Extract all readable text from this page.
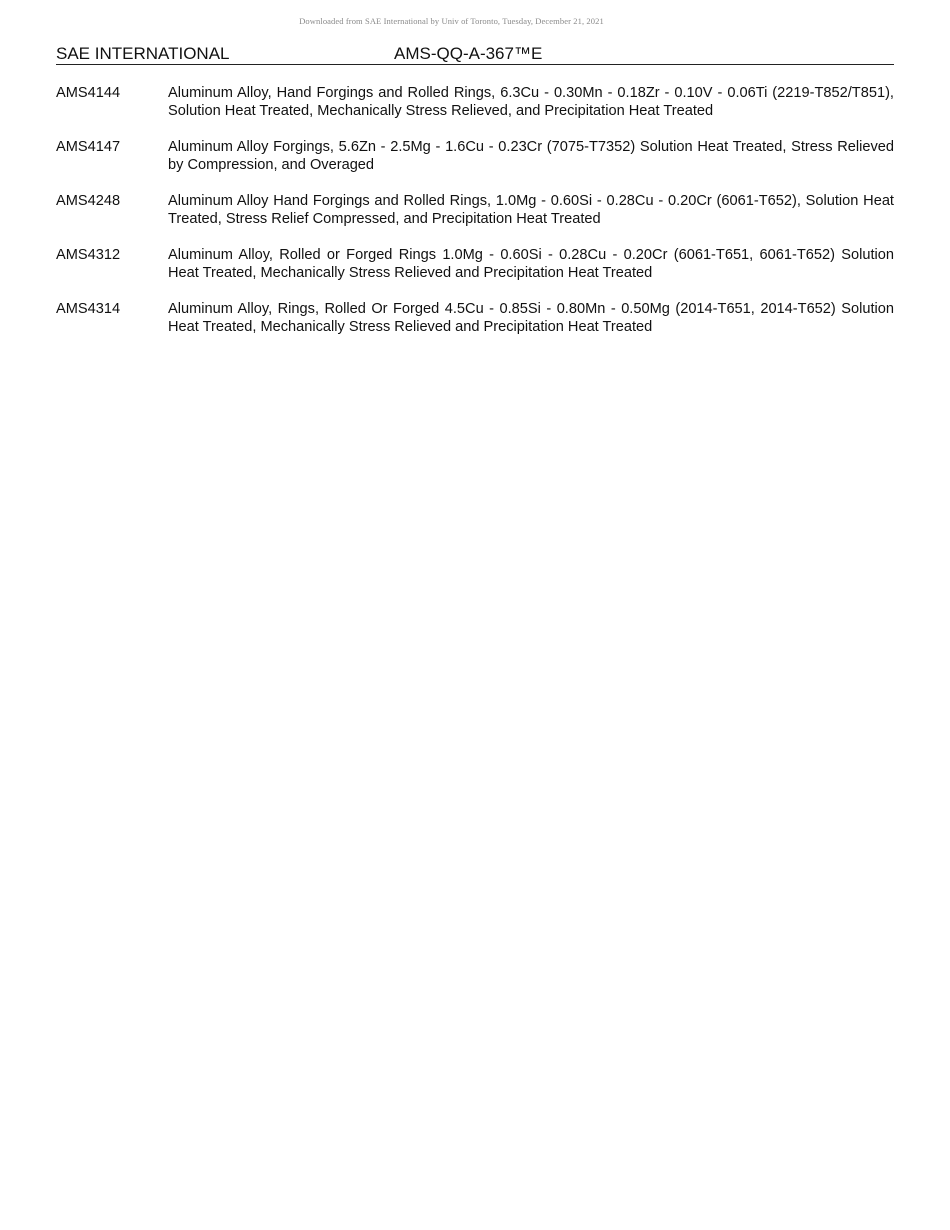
Downloaded from SAE International by Univ of Toronto, Tuesday, December 21, 2021
SAE INTERNATIONAL	AMS-QQ-A-367™E
AMS4144	Aluminum Alloy, Hand Forgings and Rolled Rings, 6.3Cu - 0.30Mn - 0.18Zr - 0.10V - 0.06Ti (2219-T852/T851), Solution Heat Treated, Mechanically Stress Relieved, and Precipitation Heat Treated
AMS4147	Aluminum Alloy Forgings, 5.6Zn - 2.5Mg - 1.6Cu - 0.23Cr (7075-T7352) Solution Heat Treated, Stress Relieved by Compression, and Overaged
AMS4248	Aluminum Alloy Hand Forgings and Rolled Rings, 1.0Mg - 0.60Si - 0.28Cu - 0.20Cr (6061-T652), Solution Heat Treated, Stress Relief Compressed, and Precipitation Heat Treated
AMS4312	Aluminum Alloy, Rolled or Forged Rings 1.0Mg - 0.60Si - 0.28Cu - 0.20Cr (6061-T651, 6061-T652) Solution Heat Treated, Mechanically Stress Relieved and Precipitation Heat Treated
AMS4314	Aluminum Alloy, Rings, Rolled Or Forged 4.5Cu - 0.85Si - 0.80Mn - 0.50Mg (2014-T651, 2014-T652) Solution Heat Treated, Mechanically Stress Relieved and Precipitation Heat Treated
